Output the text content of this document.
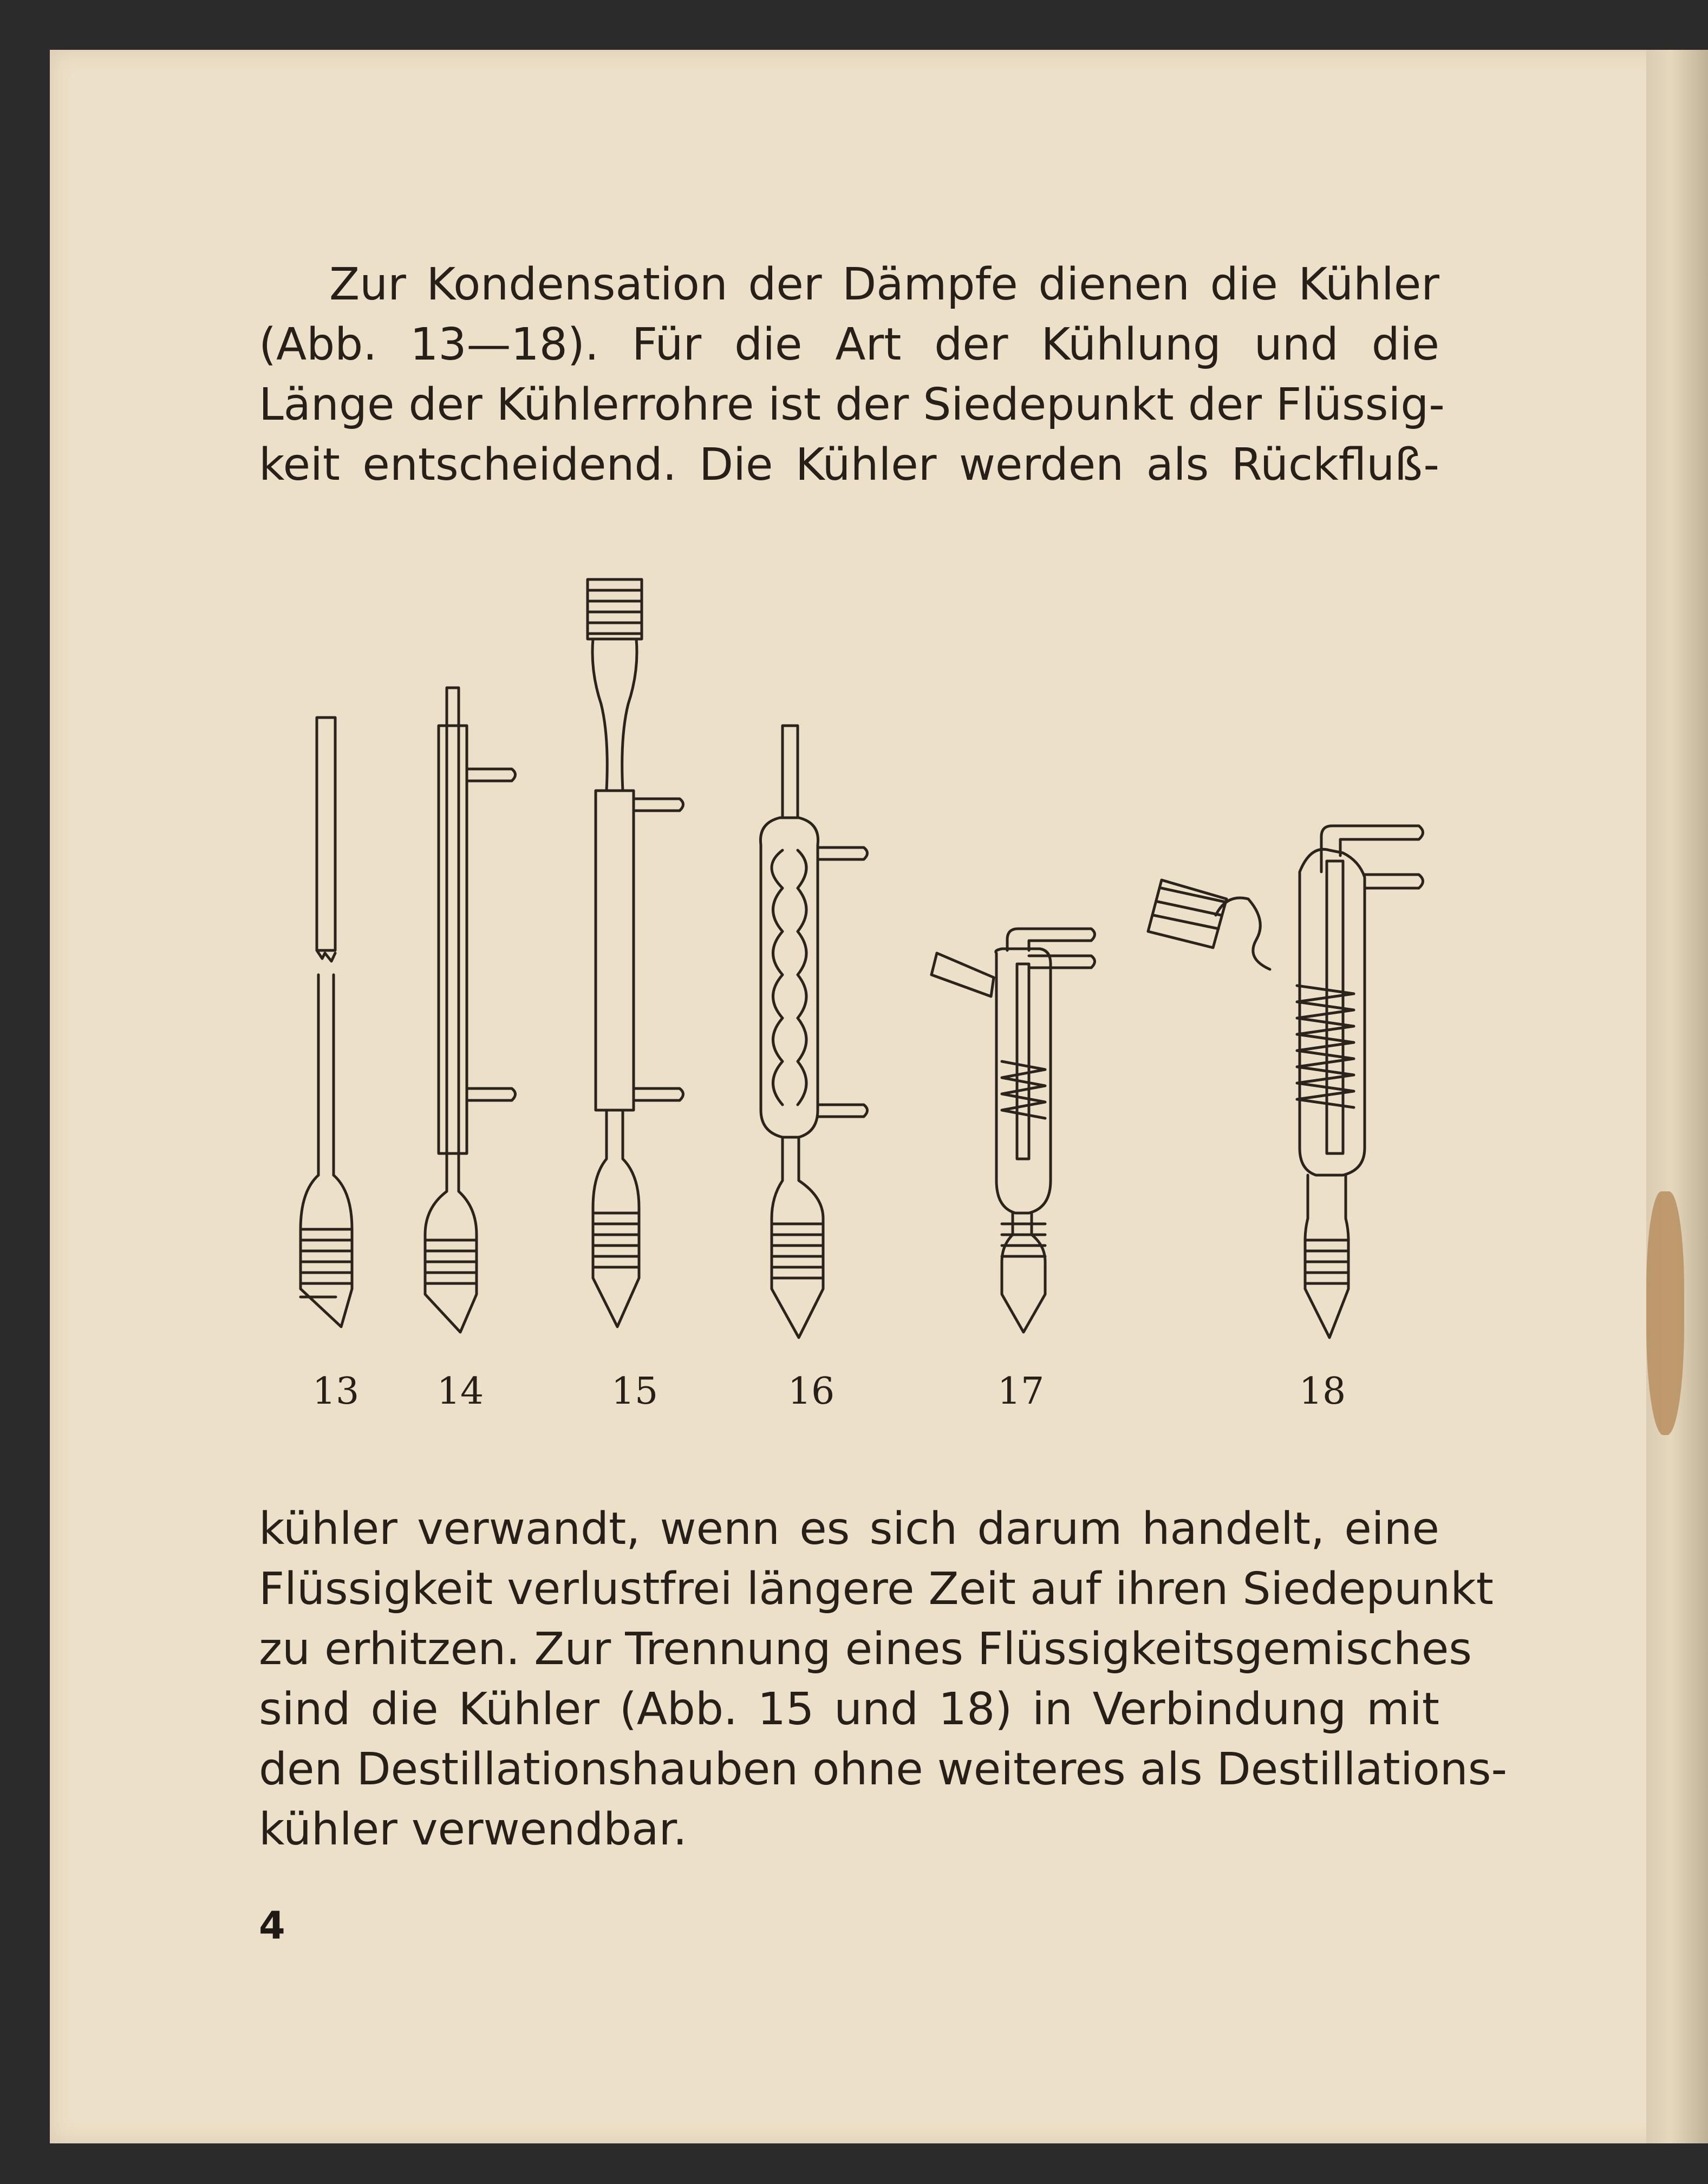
Zur Kondensation der Dämpfe dienen die Kühler
(Abb. 13—18). Für die Art der Kühlung und die
Länge der Kühlerrohre ist der Siedepunkt der Flüssig-
keit entscheidend. Die Kühler werden als Rückfluß-
13	14	15	16	17	18
kühler verwandt, wenn es sich darum handelt, eine
Flüssigkeit verlustfrei längere Zeit auf ihren Siedepunkt
zu erhitzen. Zur Trennung eines Flüssigkeitsgemisches
sind die Kühler (Abb. 15 und 18) in Verbindung mit
den Destillationshauben ohne weiteres als Destillations-
kühler verwendbar.
4
